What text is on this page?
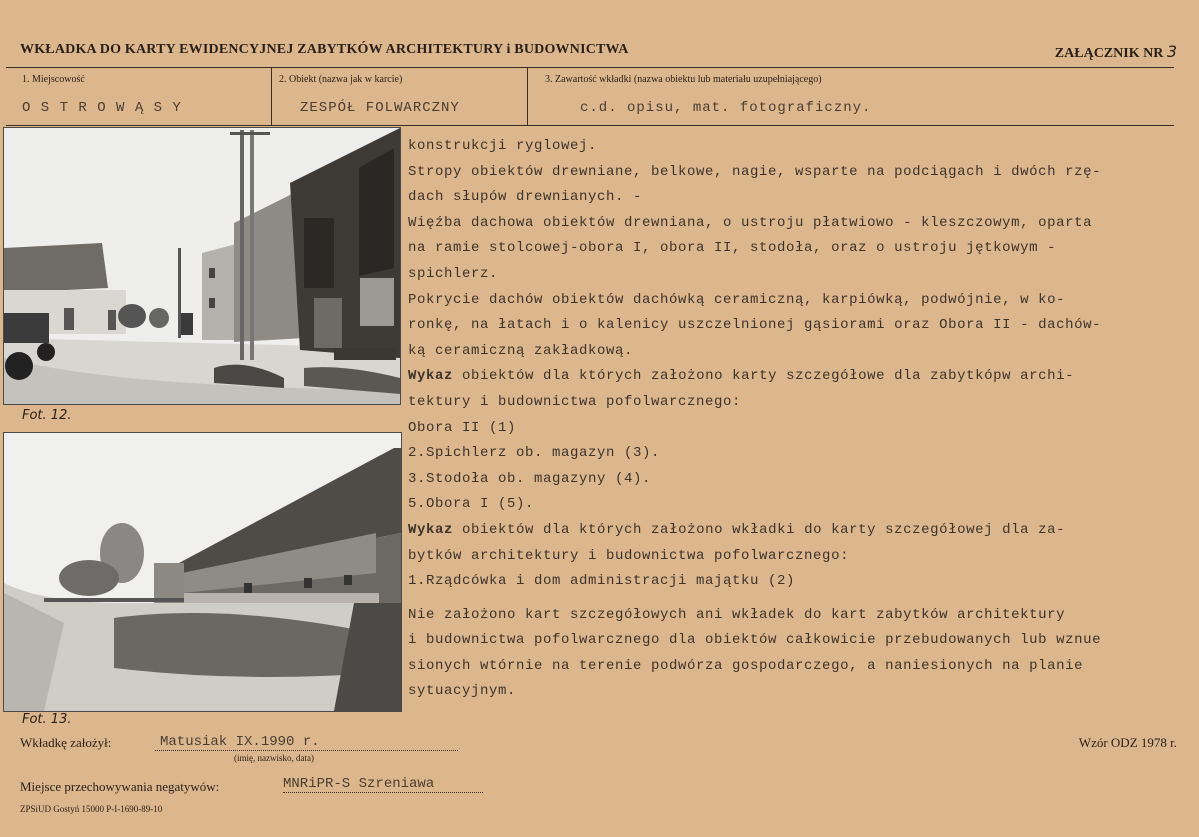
WKŁADKA DO KARTY EWIDENCYJNEJ ZABYTKÓW ARCHITEKTURY i BUDOWNICTWA	ZAŁĄCZNIK NR 3
1. Miejscowość
O S T R O W Ą S Y
2. Obiekt (nazwa jak w karcie)
ZESPÓŁ FOLWARCZNY
3. Zawartość wkładki (nazwa obiektu lub materiału uzupełniającego)
c.d. opisu, mat. fotograficzny.
Fot. 12.
Fot. 13.

konstrukcji ryglowej.

Stropy obiektów drewniane, belkowe, nagie, wsparte na podciągach i dwóch rzę-

dach słupów drewnianych. -

Więźba dachowa obiektów drewniana, o ustroju płatwiowo - kleszczowym, oparta

na ramie stolcowej-obora I, obora II, stodoła, oraz o ustroju jętkowym -

spichlerz.

Pokrycie dachów obiektów dachówką ceramiczną, karpiówką, podwójnie, w ko-

ronkę, na łatach i o kalenicy uszczelnionej gąsiorami oraz Obora II - dachów-

ką ceramiczną zakładkową.

Wykaz obiektów dla których założono karty szczegółowe dla zabytkópw archi-

tektury i budownictwa pofolwarcznego:

Obora II (1)

2.Spichlerz ob. magazyn (3).

3.Stodoła ob. magazyny (4).

5.Obora I (5).

Wykaz obiektów dla których założono wkładki do karty szczegółowej dla za-

bytków architektury i budownictwa pofolwarcznego:

1.Rządcówka i dom administracji majątku (2)

Nie założono kart szczegółowych ani wkładek do kart zabytków architektury

i budownictwa pofolwarcznego dla obiektów całkowicie przebudowanych lub wznue

sionych wtórnie na terenie podwórza gospodarczego, a naniesionych na planie

sytuacyjnym.

Wkładkę założył:	Matusiak IX.1990 r.
(imię, nazwisko, data)
Wzór ODZ 1978 r.
Miejsce przechowywania negatywów:	MNRiPR-S Szreniawa
ZPSiUD Gostyń 15000 P-I-1690-89-10
